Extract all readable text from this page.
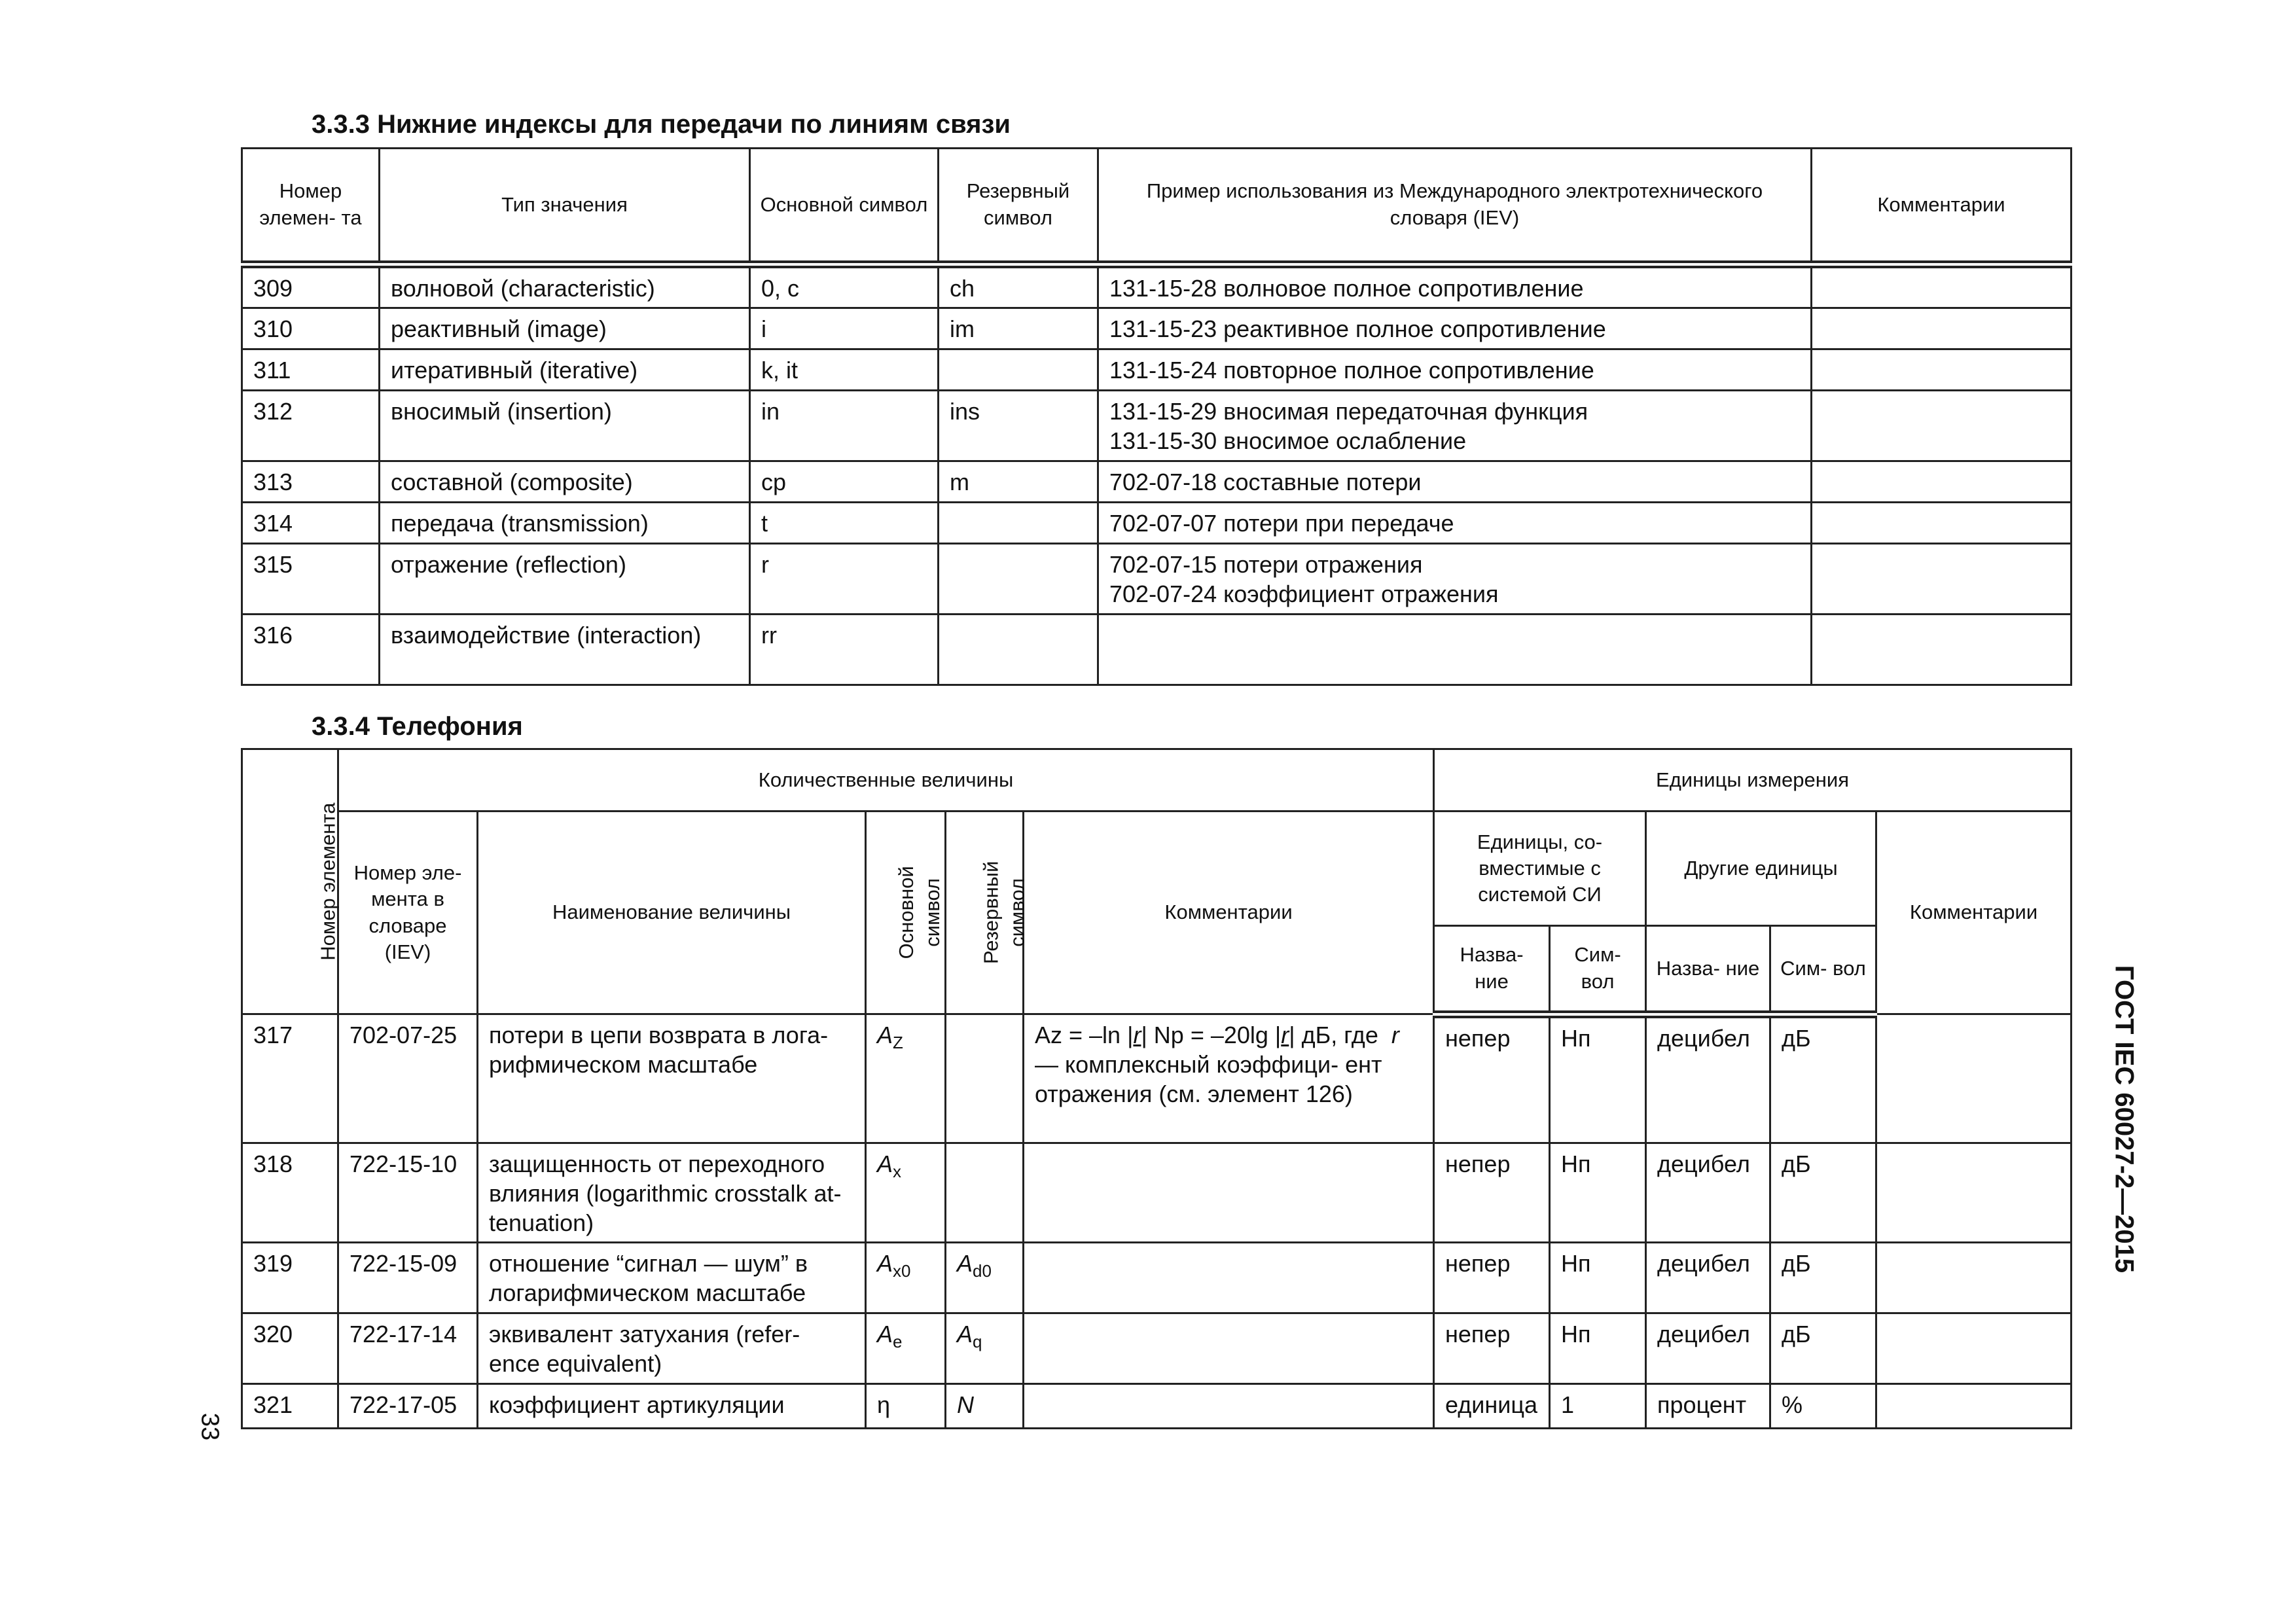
3.3.3 Нижние индексы для передачи по линиям связи
Номер элемен- та	Тип значения	Основной символ	Резервный символ	Пример использования из Международного электротехнического словаря (IEV)	Комментарии
309	волновой (characteristic)	0, c	ch	131-15-28 волновое полное сопротивление	

310	реактивный (image)	i	im	131-15-23 реактивное полное сопротивление	

311	итеративный (iterative)	k, it		131-15-24 повторное полное сопротивление	

312	вносимый (insertion)	in	ins	131-15-29 вносимая передаточная функция
131-15-30 вносимое ослабление	

313	составной (composite)	cp	m	702-07-18 составные потери	

314	передача (transmission)	t		702-07-07 потери при передаче	

315	отражение (reflection)	r		702-07-15 потери отражения
702-07-24 коэффициент отражения	

316	взаимодействие (interaction)	rr		

3.3.4 Телефония
Номер элемента	Количественные величины					Единицы измерения				
	Номер эле- мента в словаре (IEV)	Наименование величины	Основной символ	Резервный символ	Комментарии	Единицы, со- вместимые с системой СИ		Другие единицы		Комментарии
						Назва- ние	Сим- вол	Назва- ние	Сим- вол	
317	702-07-25	потери в цепи возврата в лога- рифмическом масштабе	$A_Z$		Az = –ln |r| Np = –20lg |r| дБ, где r — комплексный коэффици- ент отражения (см. элемент 126)	непер	Нп	децибел	дБ	
318	722-15-10	защищенность от переходного влияния (logarithmic crosstalk at- tenuation)	$A_x$			непер	Нп	децибел	дБ	
319	722-15-09	отношение “сигнал — шум” в логарифмическом масштабе	$A_{x0}$	$A_{d0}$		непер	Нп	децибел	дБ	
320	722-17-14	эквивалент затухания (refer- ence equivalent)	$A_e$	$A_q$		непер	Нп	децибел	дБ	
321	722-17-05	коэффициент артикуляции	η	N		единица	1	процент	%	
ГОСТ IEC 60027-2—2015
33
